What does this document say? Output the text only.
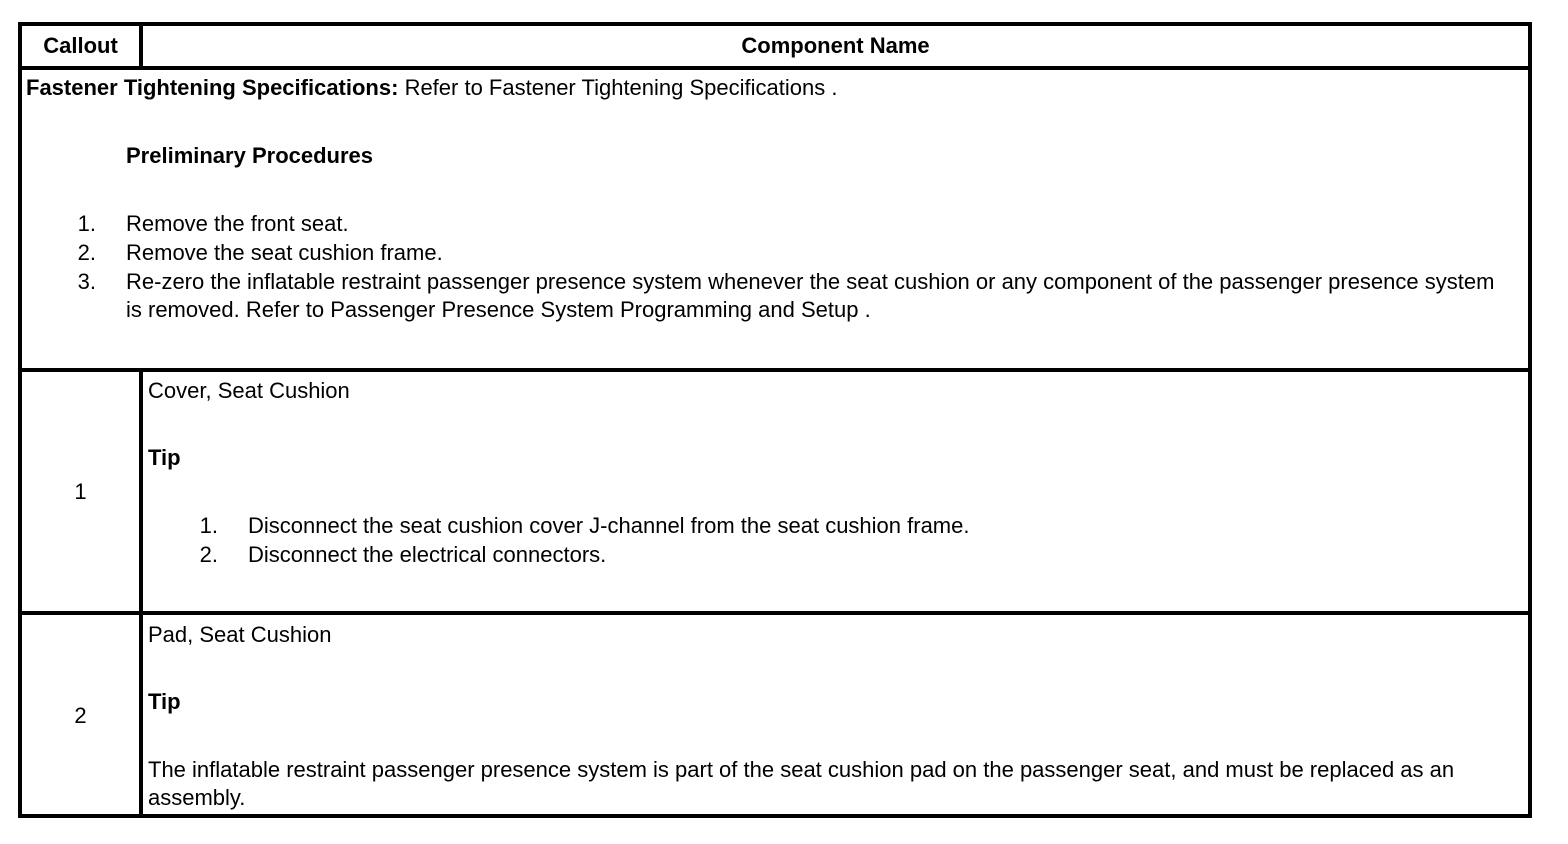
Callout	Component Name
Fastener Tightening Specifications: Refer to Fastener Tightening Specifications .
Preliminary Procedures
1. Remove the front seat.
2. Remove the seat cushion frame.
3. Re-zero the inflatable restraint passenger presence system whenever the seat cushion or any component of the passenger presence system is removed. Refer to Passenger Presence System Programming and Setup .
1
Cover, Seat Cushion
Tip
1. Disconnect the seat cushion cover J-channel from the seat cushion frame.
2. Disconnect the electrical connectors.
2
Pad, Seat Cushion
Tip
The inflatable restraint passenger presence system is part of the seat cushion pad on the passenger seat, and must be replaced as an assembly.
